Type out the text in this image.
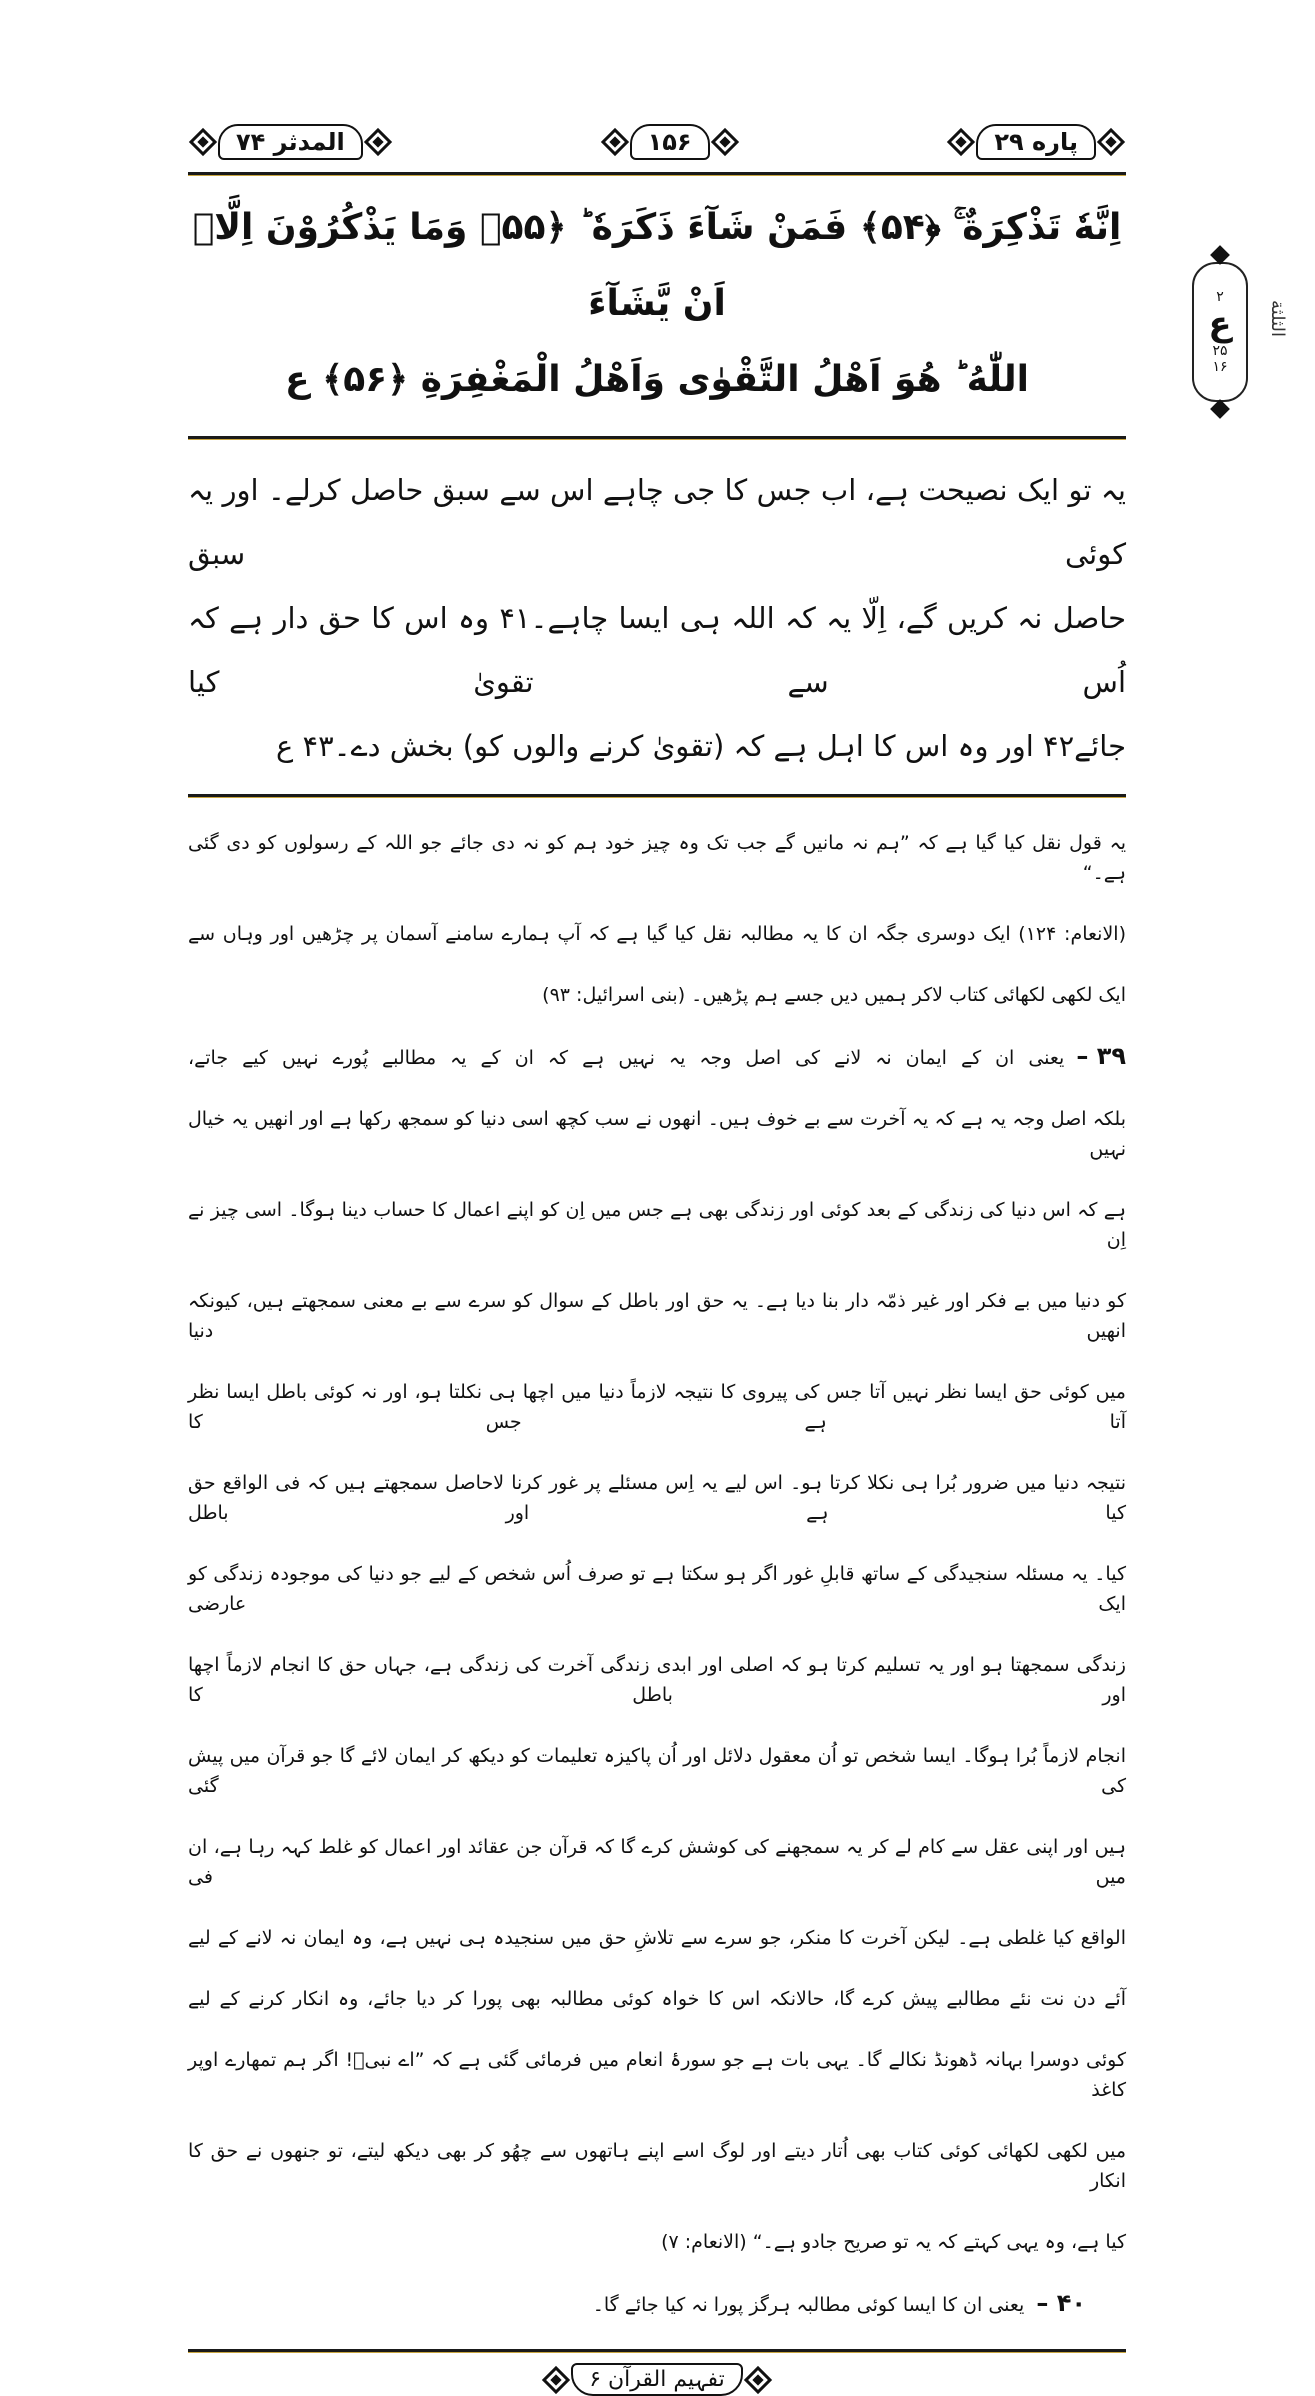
المدثر ۷۴	۱۵۶	پاره ۲۹
اِنَّهٗ تَذْكِرَةٌ ۚ ﴿۵۴﴾ فَمَنْ شَآءَ ذَكَرَهٗ ؕ ﴿۵۵﴾ وَمَا يَذْكُرُوْنَ اِلَّاۤ اَنْ يَّشَآءَ
اللّٰهُ ؕ هُوَ اَهْلُ التَّقْوٰى وَاَهْلُ الْمَغْفِرَةِ ﴿۵۶﴾ ع
یہ تو ایک نصیحت ہے، اب جس کا جی چاہے اس سے سبق حاصل کرلے۔ اور یہ کوئی سبق
حاصل نہ کریں گے، اِلّا یہ کہ اللہ ہی ایسا چاہے۔۴۱ وہ اس کا حق دار ہے کہ اُس سے تقویٰ کیا
جائے۴۲ اور وہ اس کا اہل ہے کہ (تقویٰ کرنے والوں کو) بخش دے۔۴۳ ع
یہ قول نقل کیا گیا ہے کہ ”ہم نہ مانیں گے جب تک وہ چیز خود ہم کو نہ دی جائے جو اللہ کے رسولوں کو دی گئی ہے۔“
(الانعام: ۱۲۴) ایک دوسری جگہ ان کا یہ مطالبہ نقل کیا گیا ہے کہ آپ ہمارے سامنے آسمان پر چڑھیں اور وہاں سے
ایک لکھی لکھائی کتاب لاکر ہمیں دیں جسے ہم پڑھیں۔ (بنی اسرائیل: ۹۳)
۳۹ –
یعنی ان کے ایمان نہ لانے کی اصل وجہ یہ نہیں ہے کہ ان کے یہ مطالبے پُورے نہیں کیے جاتے،
بلکہ اصل وجہ یہ ہے کہ یہ آخرت سے بے خوف ہیں۔ انھوں نے سب کچھ اسی دنیا کو سمجھ رکھا ہے اور انھیں یہ خیال نہیں
ہے کہ اس دنیا کی زندگی کے بعد کوئی اور زندگی بھی ہے جس میں اِن کو اپنے اعمال کا حساب دینا ہوگا۔ اسی چیز نے اِن
کو دنیا میں بے فکر اور غیر ذمّہ دار بنا دیا ہے۔ یہ حق اور باطل کے سوال کو سرے سے بے معنی سمجھتے ہیں، کیونکہ انھیں دنیا
میں کوئی حق ایسا نظر نہیں آتا جس کی پیروی کا نتیجہ لازماً دنیا میں اچھا ہی نکلتا ہو، اور نہ کوئی باطل ایسا نظر آتا ہے جس کا
نتیجہ دنیا میں ضرور بُرا ہی نکلا کرتا ہو۔ اس لیے یہ اِس مسئلے پر غور کرنا لاحاصل سمجھتے ہیں کہ فی الواقع حق کیا ہے اور باطل
کیا۔ یہ مسئلہ سنجیدگی کے ساتھ قابلِ غور اگر ہو سکتا ہے تو صرف اُس شخص کے لیے جو دنیا کی موجودہ زندگی کو ایک عارضی
زندگی سمجھتا ہو اور یہ تسلیم کرتا ہو کہ اصلی اور ابدی زندگی آخرت کی زندگی ہے، جہاں حق کا انجام لازماً اچھا اور باطل کا
انجام لازماً بُرا ہوگا۔ ایسا شخص تو اُن معقول دلائل اور اُن پاکیزہ تعلیمات کو دیکھ کر ایمان لائے گا جو قرآن میں پیش کی گئی
ہیں اور اپنی عقل سے کام لے کر یہ سمجھنے کی کوشش کرے گا کہ قرآن جن عقائد اور اعمال کو غلط کہہ رہا ہے، ان میں فی
الواقع کیا غلطی ہے۔ لیکن آخرت کا منکر، جو سرے سے تلاشِ حق میں سنجیدہ ہی نہیں ہے، وہ ایمان نہ لانے کے لیے
آئے دن نت نئے مطالبے پیش کرے گا، حالانکہ اس کا خواہ کوئی مطالبہ بھی پورا کر دیا جائے، وہ انکار کرنے کے لیے
کوئی دوسرا بہانہ ڈھونڈ نکالے گا۔ یہی بات ہے جو سورۂ انعام میں فرمائی گئی ہے کہ ”اے نبیؐ! اگر ہم تمھارے اوپر کاغذ
میں لکھی لکھائی کوئی کتاب بھی اُتار دیتے اور لوگ اسے اپنے ہاتھوں سے چھُو کر بھی دیکھ لیتے، تو جنھوں نے حق کا انکار
کیا ہے، وہ یہی کہتے کہ یہ تو صریح جادو ہے۔“ (الانعام: ۷)
۴۰ –
یعنی ان کا ایسا کوئی مطالبہ ہرگز پورا نہ کیا جائے گا۔
تفہیم القرآن ۶
۲
ع
۲۵
۱۶
الثلثة
